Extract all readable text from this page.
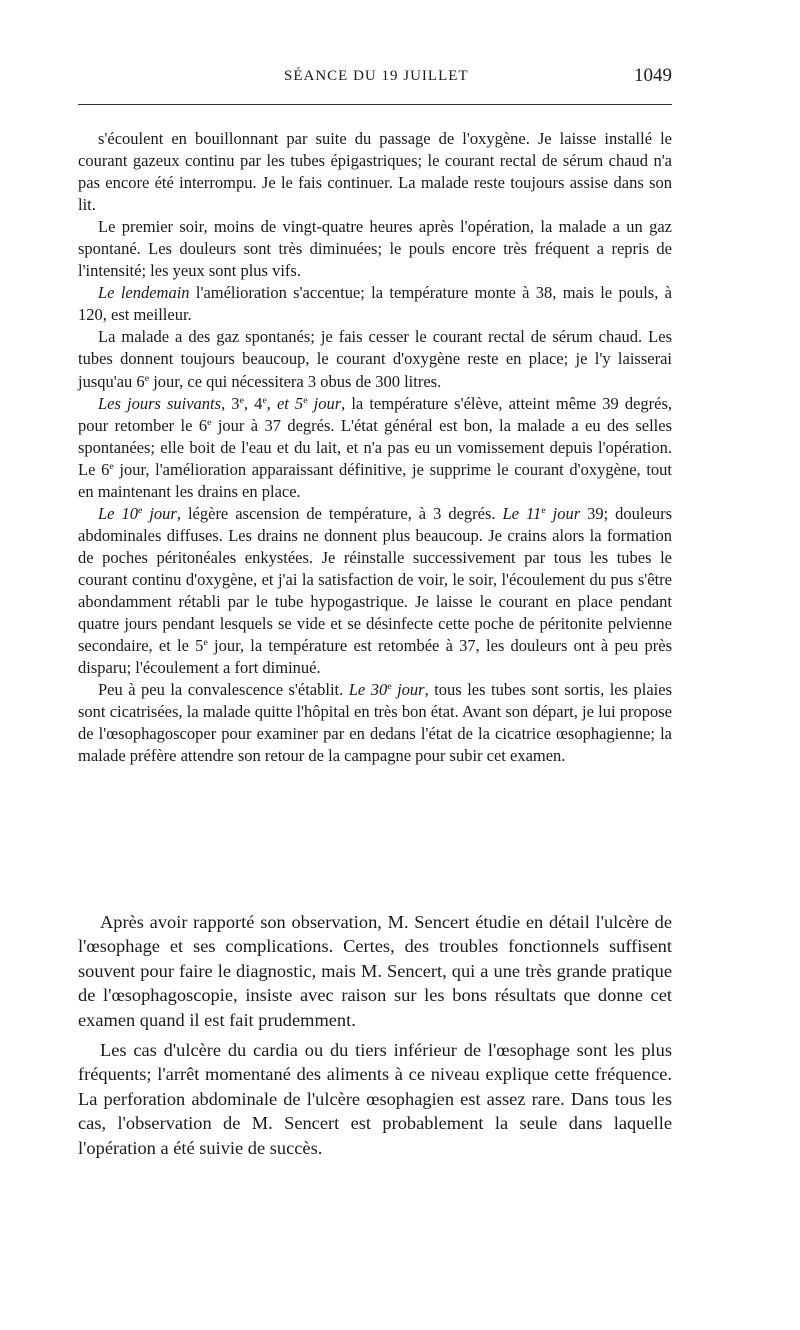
SÉANCE DU 19 JUILLET	1049

s'écoulent en bouillonnant par suite du passage de l'oxygène. Je laisse installé le courant gazeux continu par les tubes épigastriques; le courant rectal de sérum chaud n'a pas encore été interrompu. Je le fais continuer. La malade reste toujours assise dans son lit.

Le premier soir, moins de vingt-quatre heures après l'opération, la malade a un gaz spontané. Les douleurs sont très diminuées; le pouls encore très fréquent a repris de l'intensité; les yeux sont plus vifs.

Le lendemain l'amélioration s'accentue; la température monte à 38, mais le pouls, à 120, est meilleur.

La malade a des gaz spontanés; je fais cesser le courant rectal de sérum chaud. Les tubes donnent toujours beaucoup, le courant d'oxygène reste en place; je l'y laisserai jusqu'au 6e jour, ce qui nécessitera 3 obus de 300 litres.

Les jours suivants, 3e, 4e, et 5e jour, la température s'élève, atteint même 39 degrés, pour retomber le 6e jour à 37 degrés. L'état général est bon, la malade a eu des selles spontanées; elle boit de l'eau et du lait, et n'a pas eu un vomissement depuis l'opération. Le 6e jour, l'amélioration apparaissant définitive, je supprime le courant d'oxygène, tout en maintenant les drains en place.

Le 10e jour, légère ascension de température, à 3 degrés. Le 11e jour 39; douleurs abdominales diffuses. Les drains ne donnent plus beaucoup. Je crains alors la formation de poches péritonéales enkystées. Je réinstalle successivement par tous les tubes le courant continu d'oxygène, et j'ai la satisfaction de voir, le soir, l'écoulement du pus s'être abondamment rétabli par le tube hypogastrique. Je laisse le courant en place pendant quatre jours pendant lesquels se vide et se désinfecte cette poche de péritonite pelvienne secondaire, et le 5e jour, la température est retombée à 37, les douleurs ont à peu près disparu; l'écoulement a fort diminué.

Peu à peu la convalescence s'établit. Le 30e jour, tous les tubes sont sortis, les plaies sont cicatrisées, la malade quitte l'hôpital en très bon état. Avant son départ, je lui propose de l'œsophagoscoper pour examiner par en dedans l'état de la cicatrice œsophagienne; la malade préfère attendre son retour de la campagne pour subir cet examen.

Après avoir rapporté son observation, M. Sencert étudie en détail l'ulcère de l'œsophage et ses complications. Certes, des troubles fonctionnels suffisent souvent pour faire le diagnostic, mais M. Sencert, qui a une très grande pratique de l'œsophagoscopie, insiste avec raison sur les bons résultats que donne cet examen quand il est fait prudemment.

Les cas d'ulcère du cardia ou du tiers inférieur de l'œsophage sont les plus fréquents; l'arrêt momentané des aliments à ce niveau explique cette fréquence. La perforation abdominale de l'ulcère œsophagien est assez rare. Dans tous les cas, l'observation de M. Sencert est probablement la seule dans laquelle l'opération a été suivie de succès.
